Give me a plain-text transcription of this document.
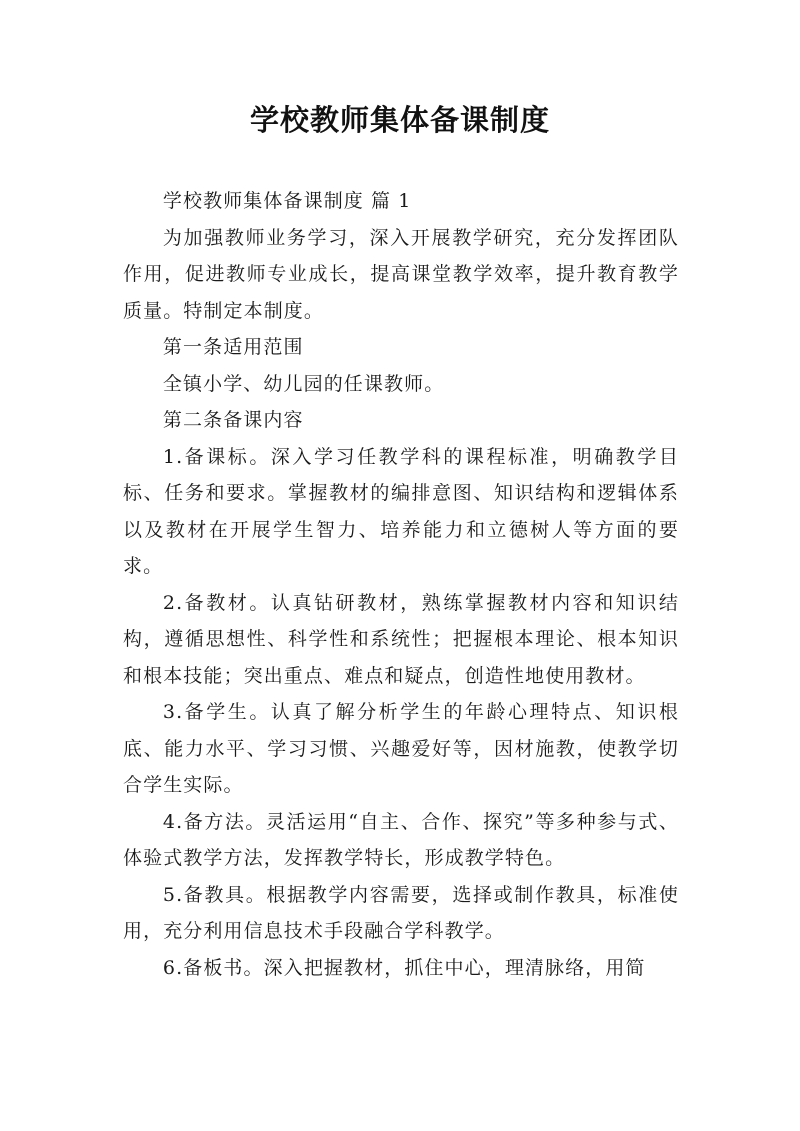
学校教师集体备课制度

学校教师集体备课制度 篇 1

为加强教师业务学习，深入开展教学研究，充分发挥团队作用，促进教师专业成长，提高课堂教学效率，提升教育教学质量。特制定本制度。

第一条适用范围

全镇小学、幼儿园的任课教师。

第二条备课内容

1.备课标。深入学习任教学科的课程标准，明确教学目标、任务和要求。掌握教材的编排意图、知识结构和逻辑体系以及教材在开展学生智力、培养能力和立德树人等方面的要求。

2.备教材。认真钻研教材，熟练掌握教材内容和知识结构，遵循思想性、科学性和系统性；把握根本理论、根本知识和根本技能；突出重点、难点和疑点，创造性地使用教材。

3.备学生。认真了解分析学生的年龄心理特点、知识根底、能力水平、学习习惯、兴趣爱好等，因材施教，使教学切合学生实际。

4.备方法。灵活运用“自主、合作、探究”等多种参与式、体验式教学方法，发挥教学特长，形成教学特色。

5.备教具。根据教学内容需要，选择或制作教具，标准使用，充分利用信息技术手段融合学科教学。

6.备板书。深入把握教材，抓住中心，理清脉络，用简
